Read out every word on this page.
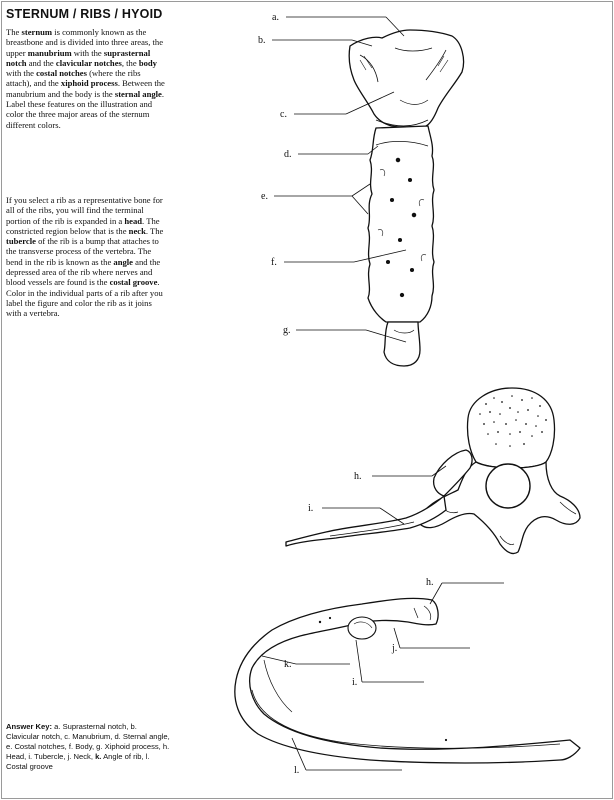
STERNUM / RIBS / HYOID

The sternum is commonly known as the breastbone and is divided into three areas, the upper manubrium with the suprasternal notch and the clavicular notches, the body with the costal notches (where the ribs attach), and the xiphoid process. Between the manubrium and the body is the sternal angle. Label these features on the illustration and color the three major areas of the sternum different colors.

If you select a rib as a representative bone for all of the ribs, you will find the terminal portion of the rib is expanded in a head. The constricted region below that is the neck. The tubercle of the rib is a bump that attaches to the transverse process of the vertebra. The bend in the rib is known as the angle and the depressed area of the rib where nerves and blood vessels are found is the costal groove. Color in the individual parts of a rib after you label the figure and color the rib as it joins with a vertebra.

Answer Key: a. Suprasternal notch, b. Clavicular notch, c. Manubrium, d. Sternal angle, e. Costal notches, f. Body, g. Xiphoid process, h. Head, i. Tubercle, j. Neck, k. Angle of rib, l. Costal groove
a.
b.
c.
d.
e.
f.
g.
h.
i.
h.
j.
k.
i.
l.
